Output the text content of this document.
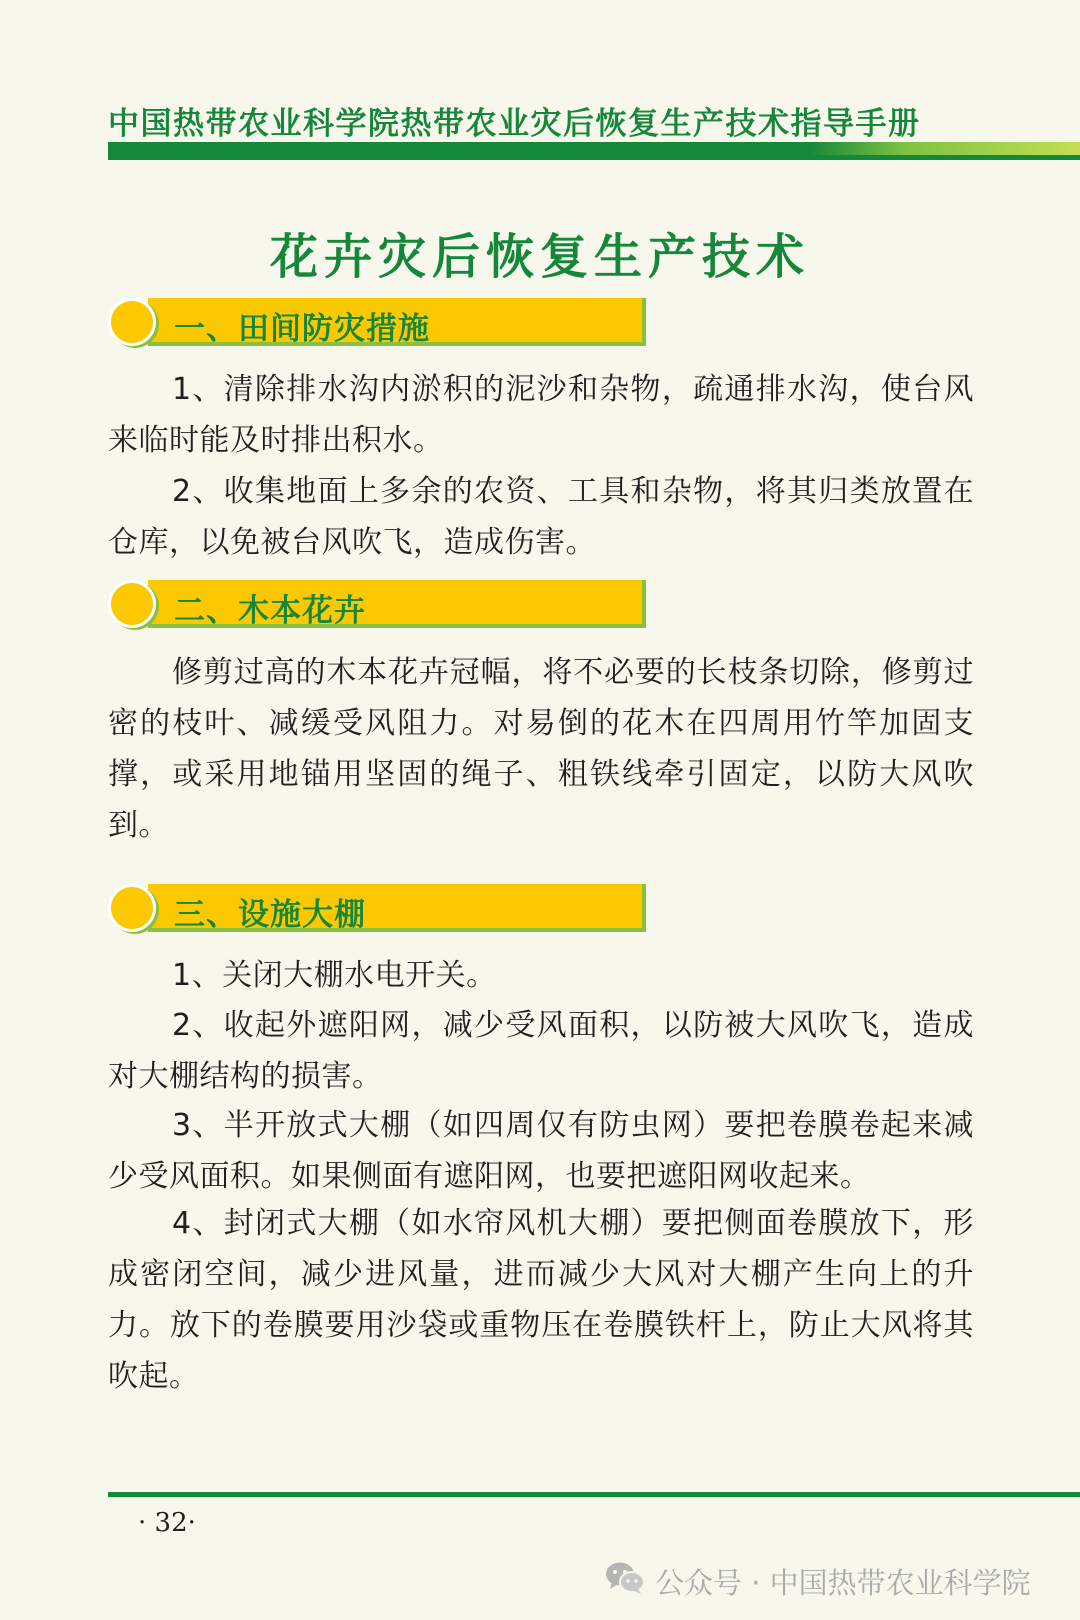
中国热带农业科学院热带农业灾后恢复生产技术指导手册
花卉灾后恢复生产技术
一、田间防灾措施

1、清除排水沟内淤积的泥沙和杂物，疏通排水沟，使台风来临时能及时排出积水。

2、收集地面上多余的农资、工具和杂物，将其归类放置在仓库，以免被台风吹飞，造成伤害。

二、木本花卉

修剪过高的木本花卉冠幅，将不必要的长枝条切除，修剪过密的枝叶、减缓受风阻力。对易倒的花木在四周用竹竿加固支撑，或采用地锚用坚固的绳子、粗铁线牵引固定，以防大风吹到。

三、设施大棚

1、关闭大棚水电开关。

2、收起外遮阳网，减少受风面积，以防被大风吹飞，造成对大棚结构的损害。

3、半开放式大棚（如四周仅有防虫网）要把卷膜卷起来减少受风面积。如果侧面有遮阳网，也要把遮阳网收起来。

4、封闭式大棚（如水帘风机大棚）要把侧面卷膜放下，形成密闭空间，减少进风量，进而减少大风对大棚产生向上的升力。放下的卷膜要用沙袋或重物压在卷膜铁杆上，防止大风将其吹起。

· 32·
公众号 · 中国热带农业科学院
